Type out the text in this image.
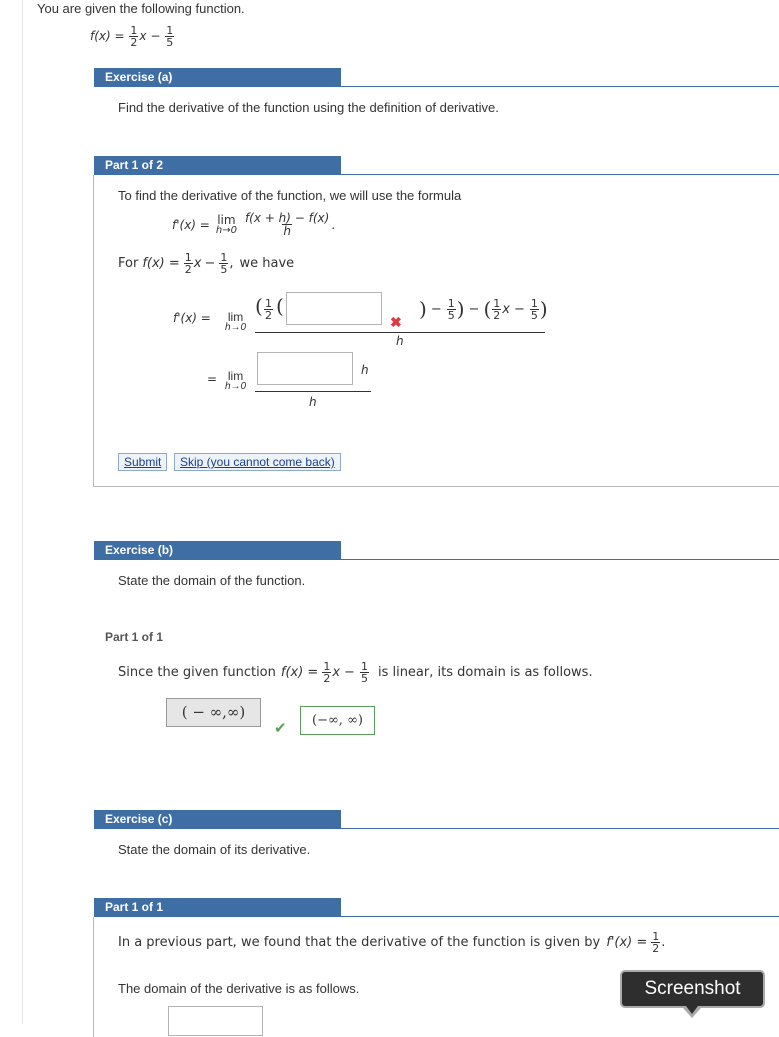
You are given the following function.
$f(x) = \frac{1}{2}$ $x - \frac{1}{5}$
Exercise (a)
Find the derivative of the function using the definition of derivative.
Part 1 of 2
To find the derivative of the function, we will use the formula
f'(x) = lim
$h\to 0 \frac{f(x + h) - f(x)}{h}$ .
For $f(x) = \frac{1}{2}$ $x - \frac{1}{5}$ , we have
f'(x) = lim
h→0
( $\frac{1}{2}$ (
✖
) − $\frac{1}{5}$ ) − ( $\frac{1}{2}$ $x - \frac{1}{5}$ )
h
= lim
h→0
h
h
Submit	Skip (you cannot come back)
Exercise (b)
State the domain of the function.
Part 1 of 1
Since the given function $f(x) = \frac{1}{2}$ $x - \frac{1}{5}$ is linear, its domain is as follows.
( − ∞,∞)
✔	(−∞, ∞)
Exercise (c)
State the domain of its derivative.
Part 1 of 1
In a previous part, we found that the derivative of the function is given by $f'(x) = \frac{1}{2}$ .
The domain of the derivative is as follows.	Screenshot
